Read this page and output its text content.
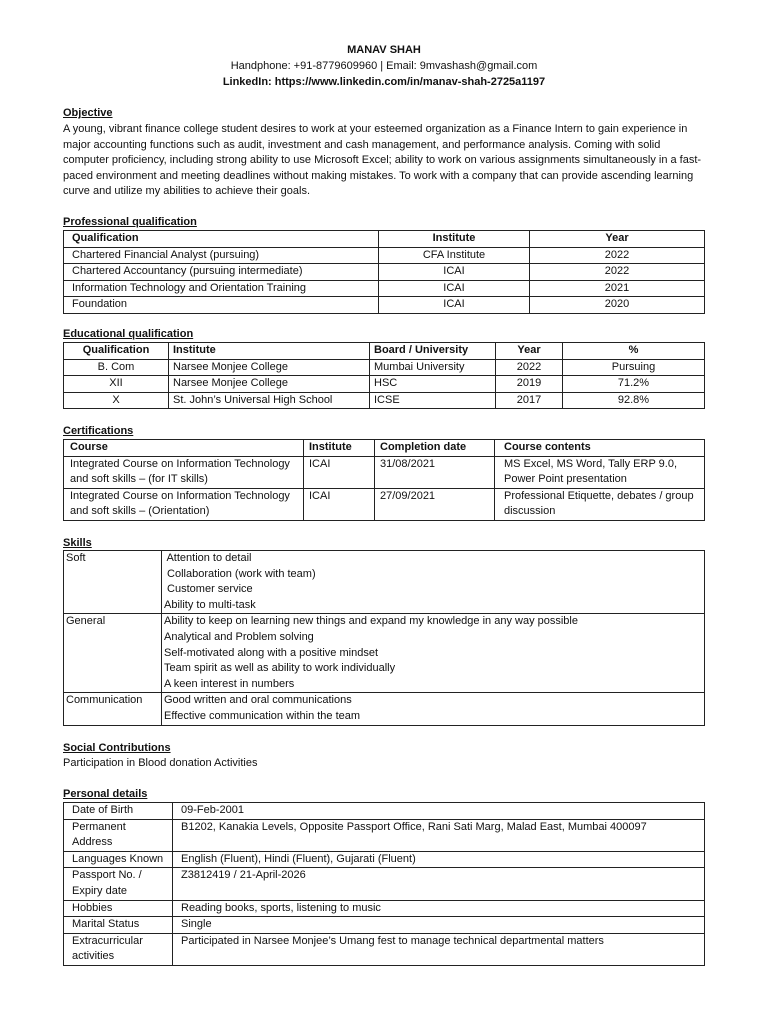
MANAV SHAH
Handphone: +91-8779609960 | Email: 9mvashash@gmail.com
LinkedIn: https://www.linkedin.com/in/manav-shah-2725a1197
Objective
A young, vibrant finance college student desires to work at your esteemed organization as a Finance Intern to gain experience in major accounting functions such as audit, investment and cash management, and performance analysis. Coming with solid computer proficiency, including strong ability to use Microsoft Excel; ability to work on various assignments simultaneously in a fast-paced environment and meeting deadlines without making mistakes. To work with a company that can provide ascending learning curve and utilize my abilities to achieve their goals.
Professional qualification
Qualification	Institute	Year
Chartered Financial Analyst (pursuing)	CFA Institute	2022
Chartered Accountancy (pursuing intermediate)	ICAI	2022
Information Technology and Orientation Training	ICAI	2021
Foundation	ICAI	2020
Educational qualification
Qualification	Institute	Board / University	Year	%
B. Com	Narsee Monjee College	Mumbai University	2022	Pursuing
XII	Narsee Monjee College	HSC	2019	71.2%
X	St. John’s Universal High School	ICSE	2017	92.8%
Certifications
Course	Institute	Completion date	Course contents
Integrated Course on Information Technology and soft skills – (for IT skills)	ICAI	31/08/2021	MS Excel, MS Word, Tally ERP 9.0, Power Point presentation
Integrated Course on Information Technology and soft skills – (Orientation)	ICAI	27/09/2021	Professional Etiquette, debates / group discussion
Skills
Soft	Attention to detail
Collaboration (work with team)
Customer service
Ability to multi-task

General	Ability to keep on learning new things and expand my knowledge in any way possible
Analytical and Problem solving
Self-motivated along with a positive mindset
Team spirit as well as ability to work individually
A keen interest in numbers

Communication	Good written and oral communications
Effective communication within the team
Social Contributions
Participation in Blood donation Activities
Personal details
Date of Birth	09-Feb-2001
Permanent Address	B1202, Kanakia Levels, Opposite Passport Office, Rani Sati Marg, Malad East, Mumbai 400097
Languages Known	English (Fluent), Hindi (Fluent), Gujarati (Fluent)
Passport No. / Expiry date	Z3812419 / 21-April-2026
Hobbies	Reading books, sports, listening to music
Marital Status	Single
Extracurricular activities	Participated in Narsee Monjee’s Umang fest to manage technical departmental matters
